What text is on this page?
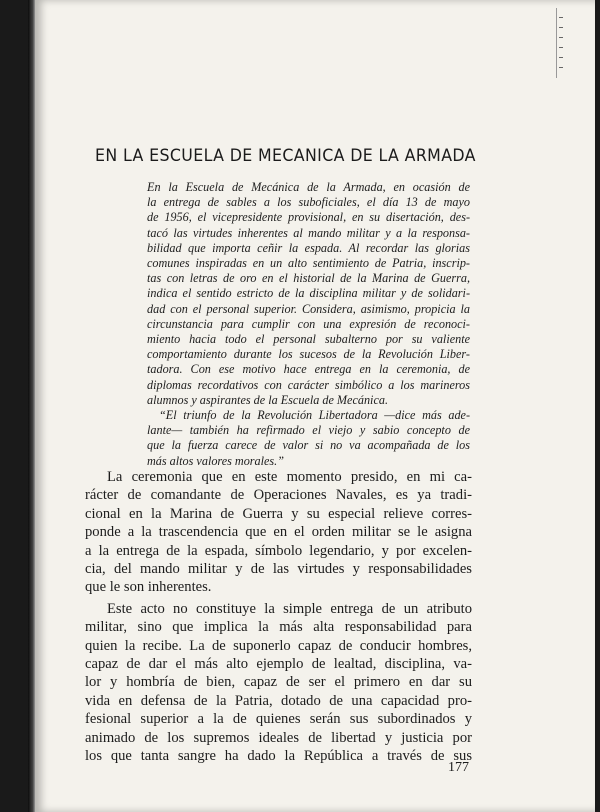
EN LA ESCUELA DE MECANICA DE LA ARMADA
En la Escuela de Mecánica de la Armada, en ocasión de
la entrega de sables a los suboficiales, el día 13 de mayo
de 1956, el vicepresidente provisional, en su disertación, des-
tacó las virtudes inherentes al mando militar y a la responsa-
bilidad que importa ceñir la espada. Al recordar las glorias
comunes inspiradas en un alto sentimiento de Patria, inscrip-
tas con letras de oro en el historial de la Marina de Guerra,
indica el sentido estricto de la disciplina militar y de solidari-
dad con el personal superior. Considera, asimismo, propicia la
circunstancia para cumplir con una expresión de reconoci-
miento hacia todo el personal subalterno por su valiente
comportamiento durante los sucesos de la Revolución Liber-
tadora. Con ese motivo hace entrega en la ceremonia, de
diplomas recordativos con carácter simbólico a los marineros
alumnos y aspirantes de la Escuela de Mecánica.
“El triunfo de la Revolución Libertadora —dice más ade-
lante— también ha refirmado el viejo y sabio concepto de
que la fuerza carece de valor si no va acompañada de los
más altos valores morales.”
La ceremonia que en este momento presido, en mi ca-
rácter de comandante de Operaciones Navales, es ya tradi-
cional en la Marina de Guerra y su especial relieve corres-
ponde a la trascendencia que en el orden militar se le asigna
a la entrega de la espada, símbolo legendario, y por excelen-
cia, del mando militar y de las virtudes y responsabilidades
que le son inherentes.
Este acto no constituye la simple entrega de un atributo
militar, sino que implica la más alta responsabilidad para
quien la recibe. La de suponerlo capaz de conducir hombres,
capaz de dar el más alto ejemplo de lealtad, disciplina, va-
lor y hombría de bien, capaz de ser el primero en dar su
vida en defensa de la Patria, dotado de una capacidad pro-
fesional superior a la de quienes serán sus subordinados y
animado de los supremos ideales de libertad y justicia por
los que tanta sangre ha dado la República a través de sus
177
